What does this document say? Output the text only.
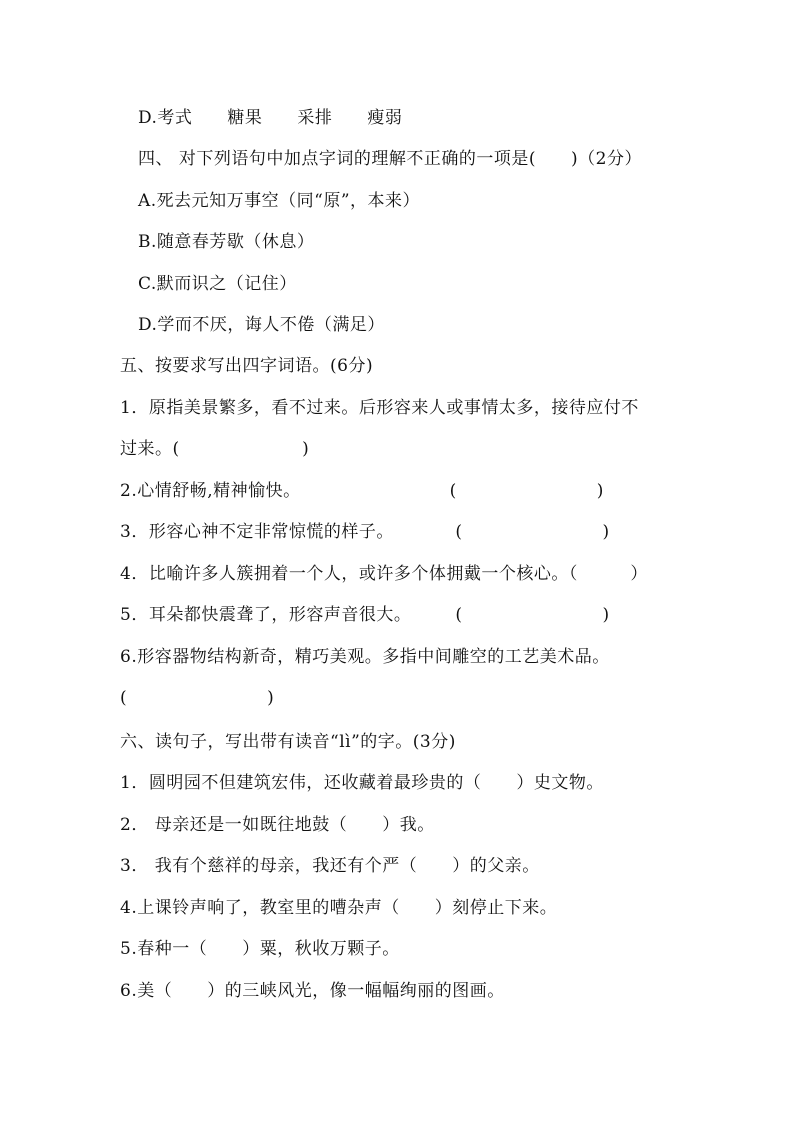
D.考式　　糖果　　采排　　瘦弱
四、 对下列语句中加点字词的理解不正确的一项是(　　)（2分）
A.死去元知万事空（同“原”，本来）
B.随意春芳歇（休息）
C.默而识之（记住）
D.学而不厌，诲人不倦（满足）
五、按要求写出四字词语。(6分)
1．原指美景繁多，看不过来。后形容来人或事情太多，接待应付不
过来。(　　　　　　　)
2.心情舒畅,精神愉快。　　　　　　　　　(　　　　　　　　)
3．形容心神不定非常惊慌的样子。　　　　(　　　　　　　　)
4．比喻许多人簇拥着一个人，或许多个体拥戴一个核心。（　　　）
5．耳朵都快震聋了，形容声音很大。　　　(　　　　　　　　)
6.形容器物结构新奇，精巧美观。多指中间雕空的工艺美术品。
(　　　　　　　　)
六、读句子，写出带有读音“lì”的字。(3分)
1．圆明园不但建筑宏伟，还收藏着最珍贵的（　　）史文物。
2． 母亲还是一如既往地鼓（　　）我。
3． 我有个慈祥的母亲，我还有个严（　　）的父亲。
4.上课铃声响了，教室里的嘈杂声（　　）刻停止下来。
5.春种一（　　）粟，秋收万颗子。
6.美（　　）的三峡风光，像一幅幅绚丽的图画。
